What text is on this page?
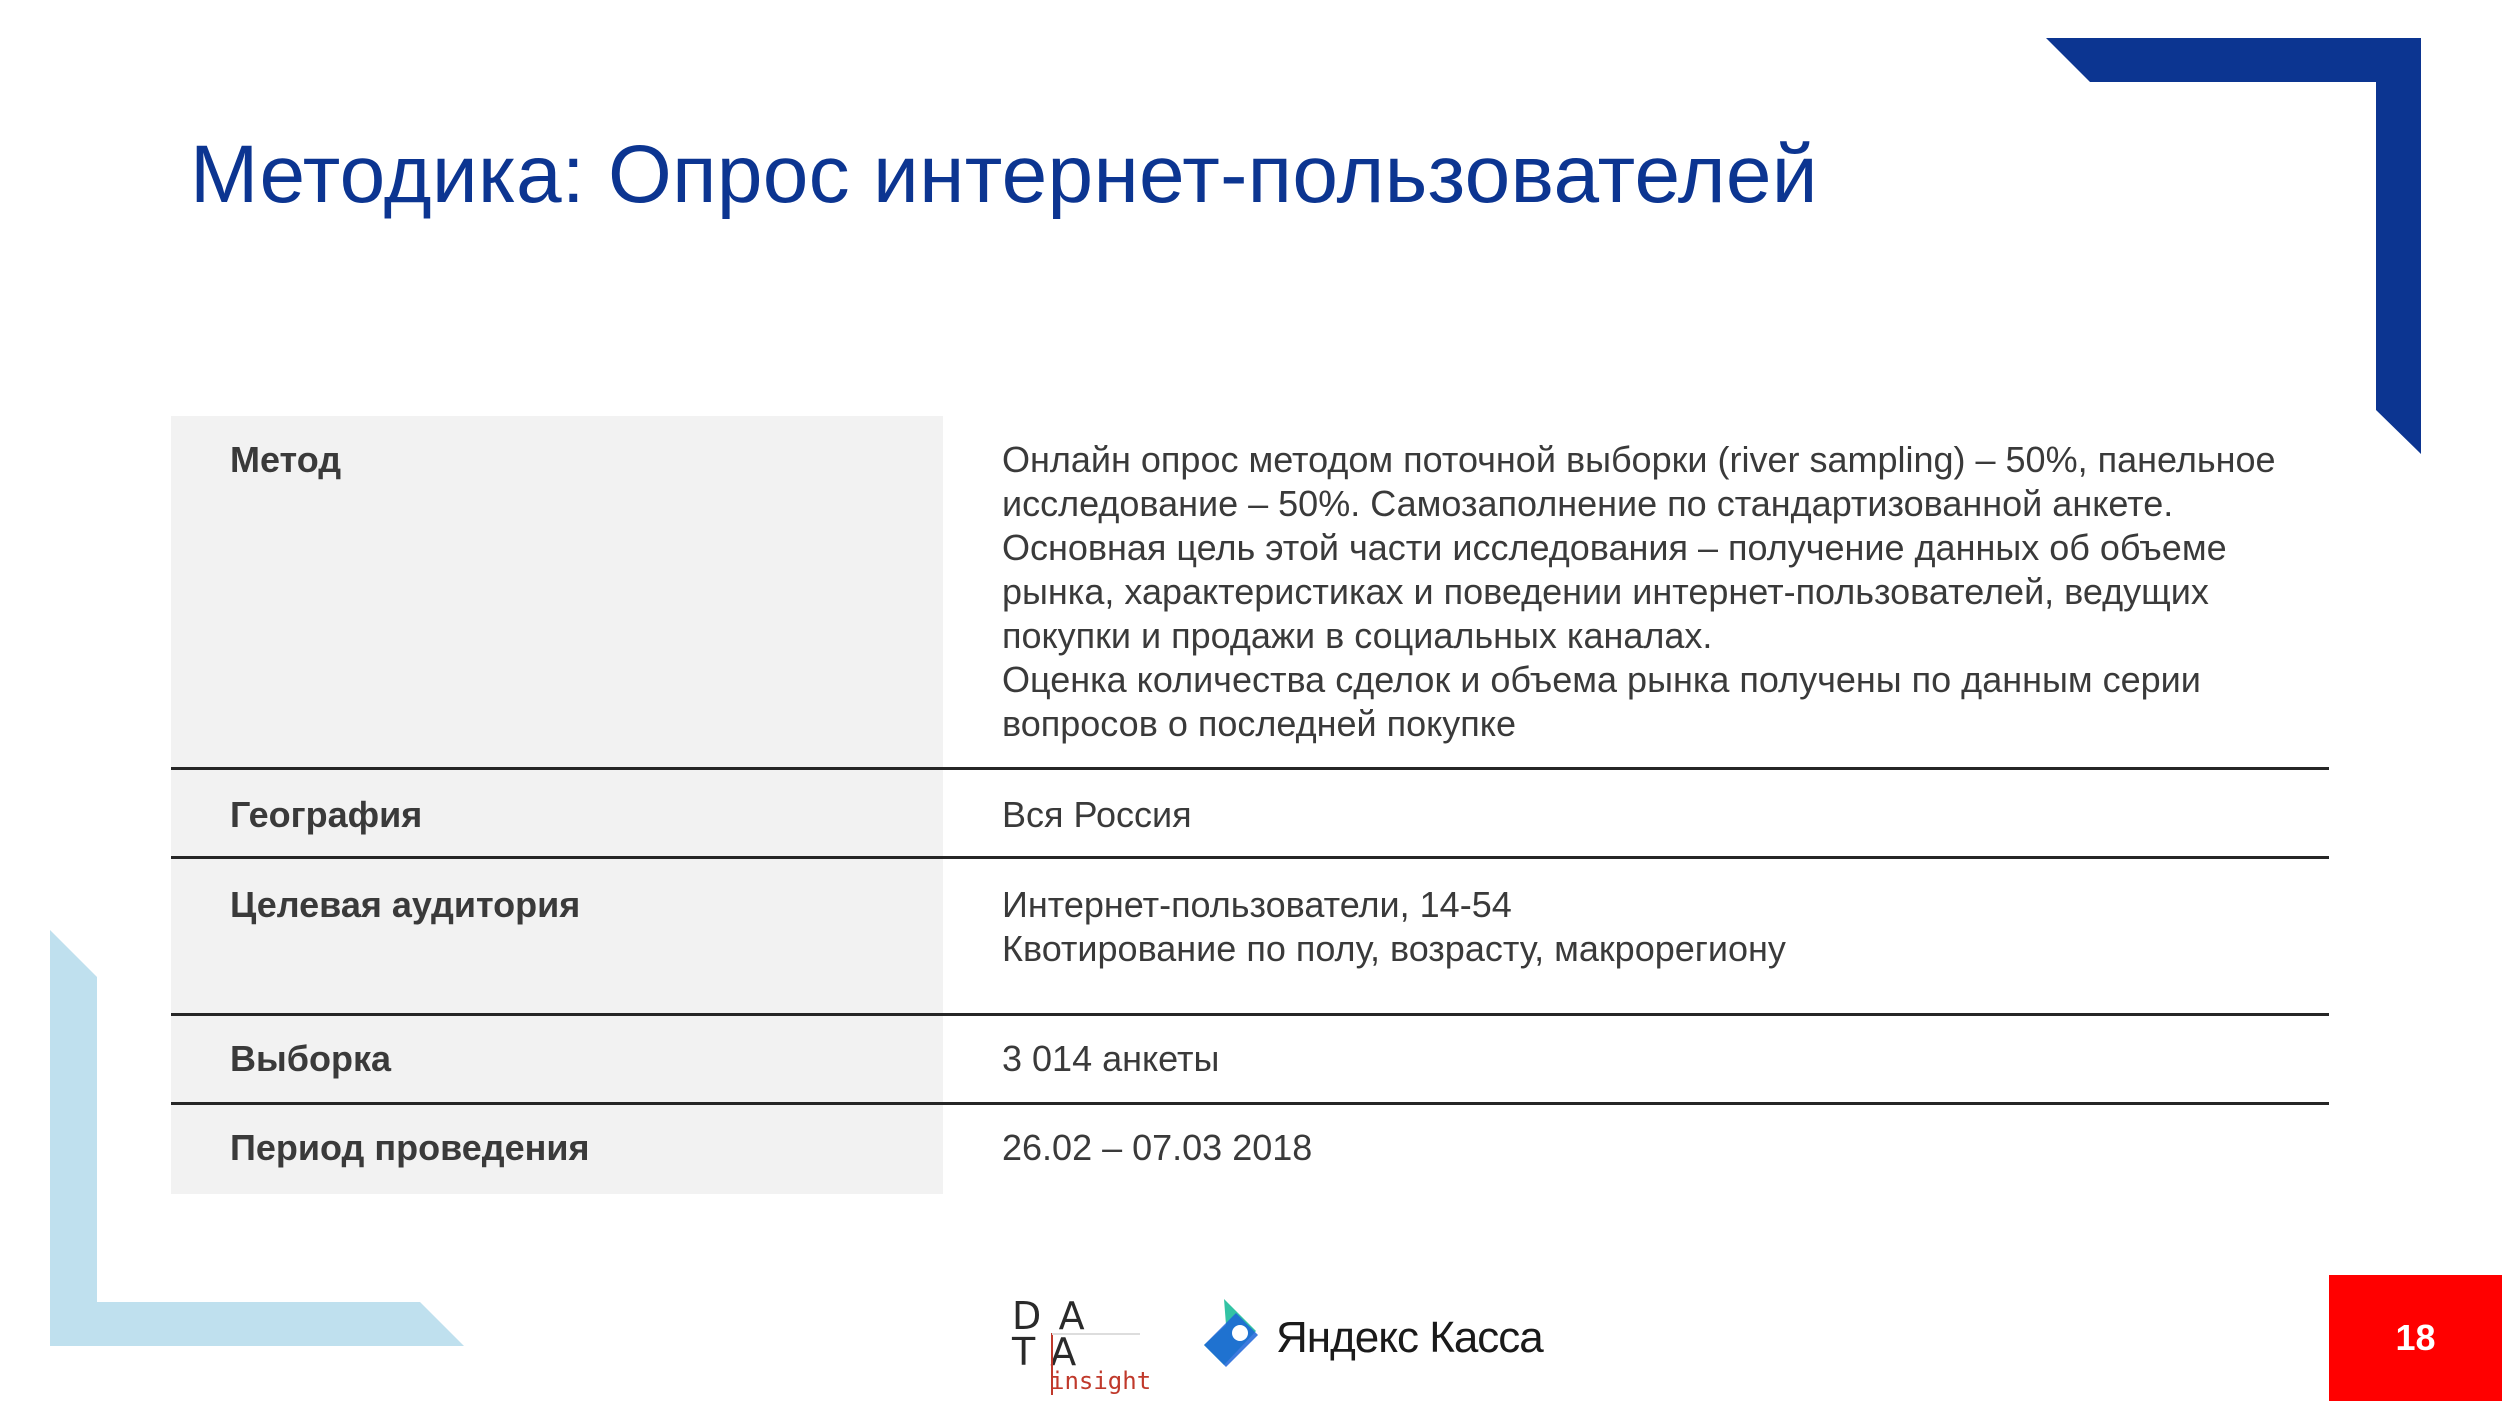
Методика: Опрос интернет-пользователей
Метод	Онлайн опрос методом поточной выборки (river sampling) – 50%, панельное
исследование – 50%. Самозаполнение по стандартизованной анкете.
Основная цель этой части исследования – получение данных об объеме
рынка, характеристиках и поведении интернет-пользователей, ведущих
покупки и продажи в социальных каналах.
Оценка количества сделок и объема рынка получены по данным серии
вопросов о последней покупке
География	Вся Россия
Целевая аудитория	Интернет-пользователи, 14-54
Квотирование по полу, возрасту, макрорегиону
Выборка	3 014 анкеты
Период проведения	26.02 – 07.03 2018
DA
TA
insight
Яндекс Касса	18
